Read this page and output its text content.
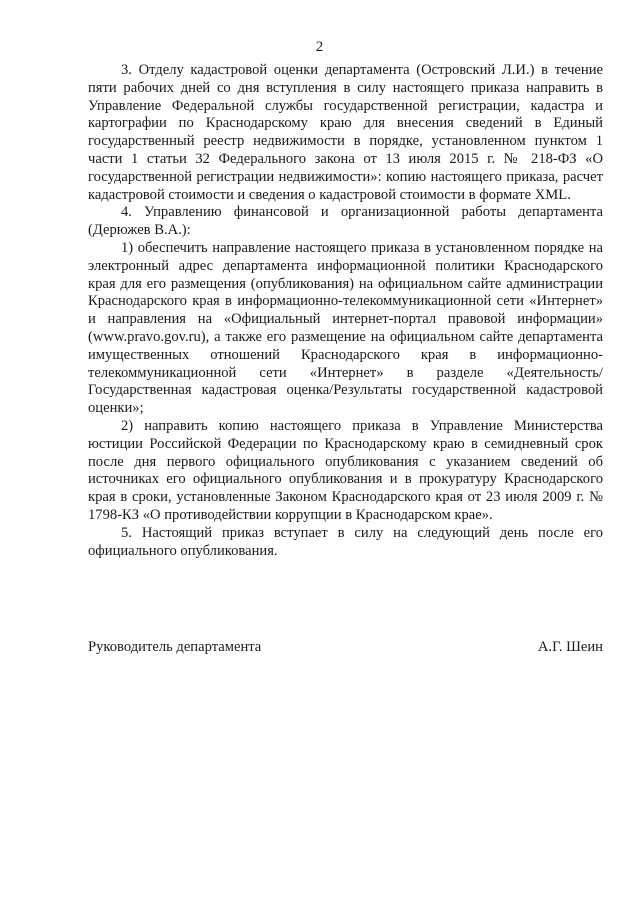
2

3. Отделу кадастровой оценки департамента (Островский Л.И.) в течение пяти рабочих дней со дня вступления в силу настоящего приказа направить в Управление Федеральной службы государственной регистрации, кадастра и картографии по Краснодарскому краю для внесения сведений в Единый государственный реестр недвижимости в порядке, установленном пунктом 1 части 1 статьи 32 Федерального закона от 13 июля 2015 г. № 218-ФЗ «О государственной регистрации недвижимости»: копию настоящего приказа, расчет кадастровой стоимости и сведения о кадастровой стоимости в формате XML.

4. Управлению финансовой и организационной работы департамента (Дерюжев В.А.):

1) обеспечить направление настоящего приказа в установленном порядке на электронный адрес департамента информационной политики Краснодарского края для его размещения (опубликования) на официальном сайте администрации Краснодарского края в информационно-телекоммуникационной сети «Интернет» и направления на «Официальный интернет-портал правовой информации» (www.pravo.gov.ru), а также его размещение на официальном сайте департамента имущественных отношений Краснодарского края в информационно-телекоммуникационной сети «Интернет» в разделе «Деятельность/Государственная кадастровая оценка/Результаты государственной кадастровой оценки»;

2) направить копию настоящего приказа в Управление Министерства юстиции Российской Федерации по Краснодарскому краю в семидневный срок после дня первого официального опубликования с указанием сведений об источниках его официального опубликования и в прокуратуру Краснодарского края в сроки, установленные Законом Краснодарского края от 23 июля 2009 г. № 1798-КЗ «О противодействии коррупции в Краснодарском крае».

5. Настоящий приказ вступает в силу на следующий день после его официального опубликования.

Руководитель департамента	А.Г. Шеин
